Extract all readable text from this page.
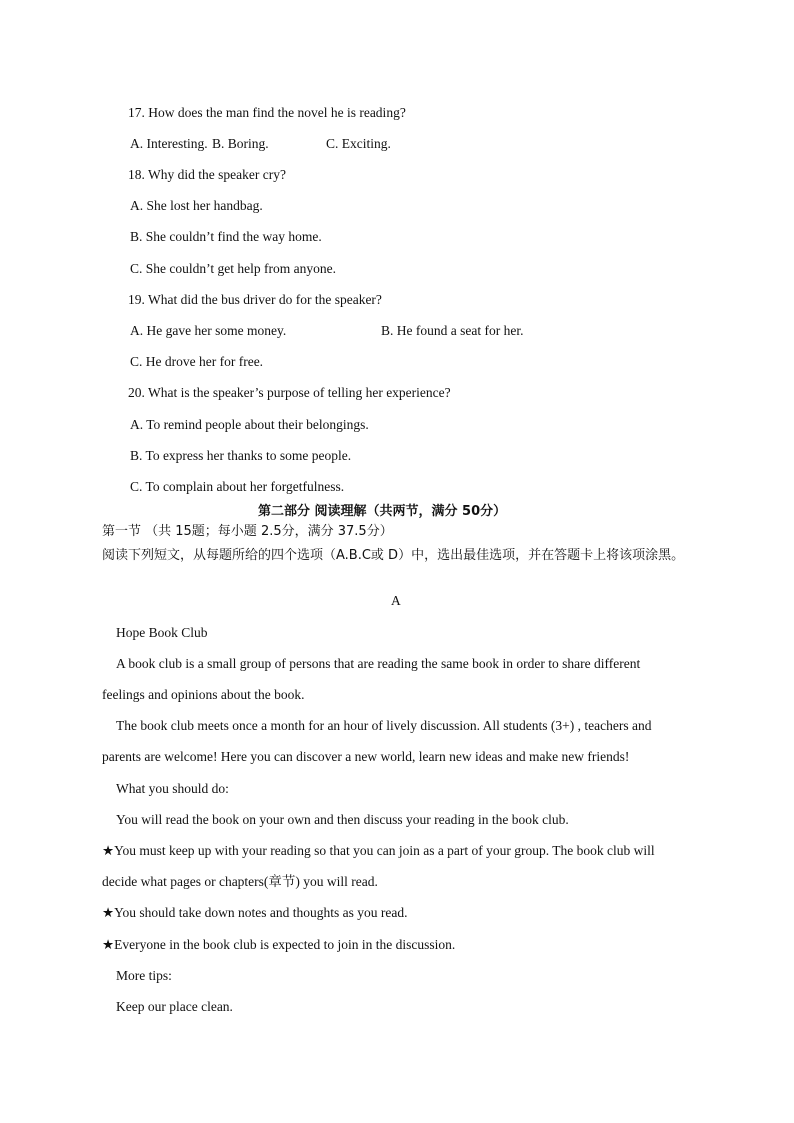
17. How does the man find the novel he is reading?
A. Interesting. B. Boring.	C. Exciting.
18. Why did the speaker cry?
A. She lost her handbag.
B. She couldn’t find the way home.
C. She couldn’t get help from anyone.
19. What did the bus driver do for the speaker?
A. He gave her some money.	B. He found a seat for her.
C. He drove her for free.
20. What is the speaker’s purpose of telling her experience?
A. To remind people about their belongings.
B. To express her thanks to some people.
C. To complain about her forgetfulness.
第二部分 阅读理解（共两节，满分 50分）
第一节 （共 15题；每小题 2.5分，满分 37.5分）
阅读下列短文，从每题所给的四个选项（A.B.C或 D）中，选出最佳选项，并在答题卡上将该项涂黑。
A
Hope Book Club
A book club is a small group of persons that are reading the same book in order to share different
feelings and opinions about the book.
The book club meets once a month for an hour of lively discussion. All students (3+) , teachers and
parents are welcome! Here you can discover a new world, learn new ideas and make new friends!
What you should do:
You will read the book on your own and then discuss your reading in the book club.
★You must keep up with your reading so that you can join as a part of your group. The book club will
decide what pages or chapters(章节) you will read.
★You should take down notes and thoughts as you read.
★Everyone in the book club is expected to join in the discussion.
More tips:
Keep our place clean.
